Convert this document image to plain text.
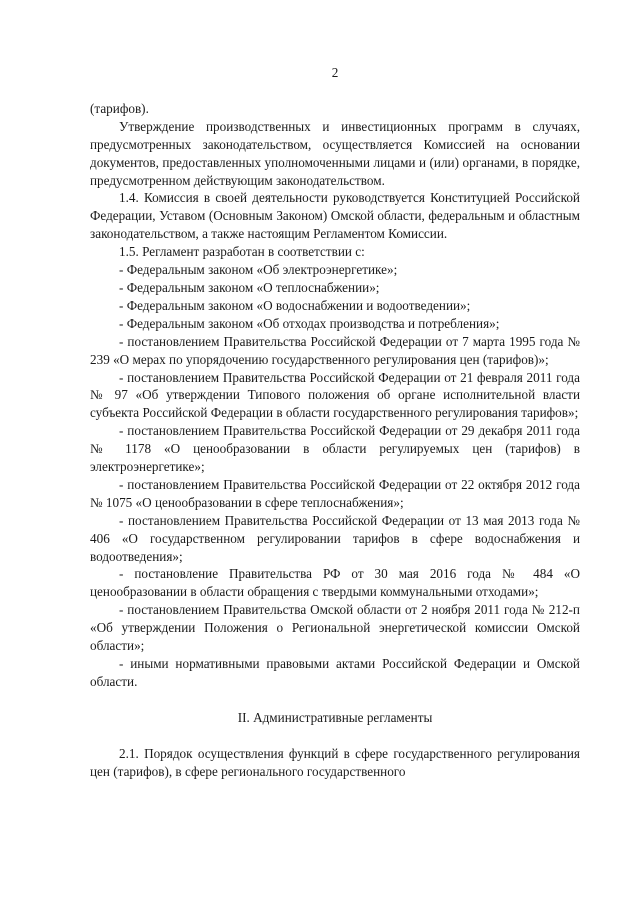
2

(тарифов).

Утверждение производственных и инвестиционных программ в случаях, предусмотренных законодательством, осуществляется Комиссией на основании документов, предоставленных уполномоченными лицами и (или) органами, в порядке, предусмотренном действующим законодательством.

1.4. Комиссия в своей деятельности руководствуется Конституцией Российской Федерации, Уставом (Основным Законом) Омской области, федеральным и областным законодательством, а также настоящим Регламентом Комиссии.

1.5. Регламент разработан в соответствии с:

- Федеральным законом «Об электроэнергетике»;

- Федеральным законом «О теплоснабжении»;

- Федеральным законом «О водоснабжении и водоотведении»;

- Федеральным законом «Об отходах производства и потребления»;

- постановлением Правительства Российской Федерации от 7 марта 1995 года № 239 «О мерах по упорядочению государственного регулирования цен (тарифов)»;

- постановлением Правительства Российской Федерации от 21 февраля 2011 года № 97 «Об утверждении Типового положения об органе исполнительной власти субъекта Российской Федерации в области государственного регулирования тарифов»;

- постановлением Правительства Российской Федерации от 29 декабря 2011 года № 1178 «О ценообразовании в области регулируемых цен (тарифов) в электроэнергетике»;

- постановлением Правительства Российской Федерации от 22 октября 2012 года № 1075 «О ценообразовании в сфере теплоснабжения»;

- постановлением Правительства Российской Федерации от 13 мая 2013 года № 406 «О государственном регулировании тарифов в сфере водоснабжения и водоотведения»;

- постановление Правительства РФ от 30 мая 2016 года № 484 «О ценообразовании в области обращения с твердыми коммунальными отходами»;

- постановлением Правительства Омской области от 2 ноября 2011 года № 212-п «Об утверждении Положения о Региональной энергетической комиссии Омской области»;

- иными нормативными правовыми актами Российской Федерации и Омской области.

II. Административные регламенты

2.1. Порядок осуществления функций в сфере государственного регулирования цен (тарифов), в сфере регионального государственного
